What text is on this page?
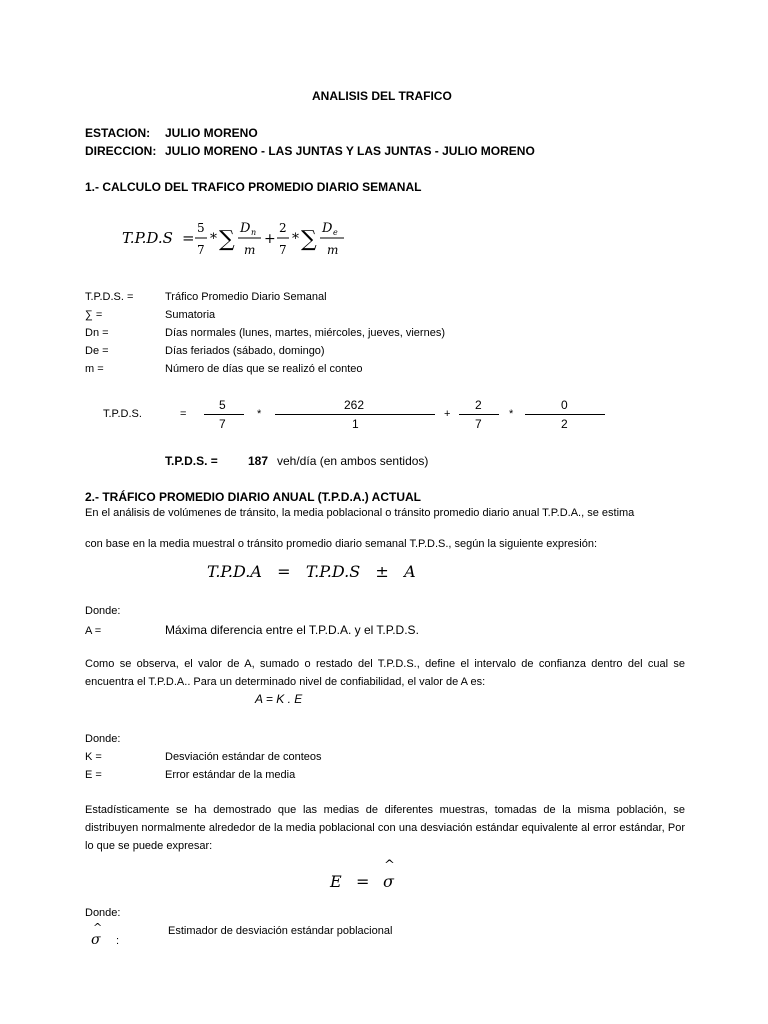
ANALISIS DEL TRAFICO
ESTACION: JULIO MORENO
DIRECCION: JULIO MORENO - LAS JUNTAS Y LAS JUNTAS - JULIO MORENO
1.- CALCULO DEL TRAFICO PROMEDIO DIARIO SEMANAL
T.P.D.S =
5
7
* ∑ D n
m
+
2
7
* ∑ D e
m
T.P.D.S. =	Tráfico Promedio Diario Semanal
∑ =	Sumatoria
Dn =	Días normales (lunes, martes, miércoles, jueves, viernes)
De =	Días feriados (sábado, domingo)
m =	Número de días que se realizó el conteo
T.P.D.S.	=
5
7
*
262
1
+
2
7
*
0
2
T.P.D.S. =	187 veh/día (en ambos sentidos)
2.- TRÁFICO PROMEDIO DIARIO ANUAL (T.P.D.A.) ACTUAL
En el análisis de volúmenes de tránsito, la media poblacional o tránsito promedio diario anual T.P.D.A., se estima
con base en la media muestral o tránsito promedio diario semanal T.P.D.S., según la siguiente expresión:
T.P.D.A   =   T.P.D.S   ±   A
Donde:
A =	Máxima diferencia entre el T.P.D.A. y el T.P.D.S.
Como se observa, el valor de A, sumado o restado del T.P.D.S., define el intervalo de confianza dentro del cual se encuentra el T.P.D.A.. Para un determinado nivel de confiabilidad, el valor de A es:
A = K . E
Donde:
K =	Desviación estándar de conteos
E =	Error estándar de la media
Estadísticamente se ha demostrado que las medias de diferentes muestras, tomadas de la misma población, se distribuyen normalmente alrededor de la media poblacional con una desviación estándar equivalente al error estándar, Por lo que se puede expresar:
E =
^
σ
Donde:
^
σ :
Estimador de desviación estándar poblacional
